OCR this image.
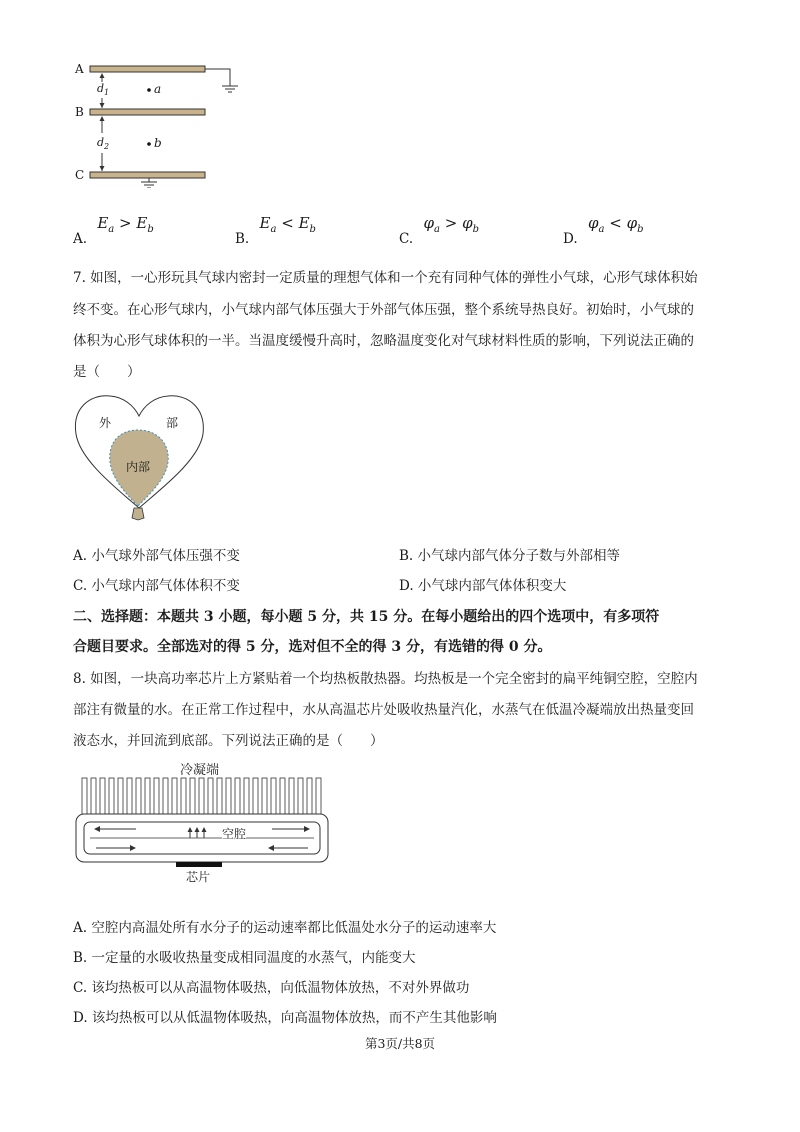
A
B
C
$d_1$
$d_2$
a
b
A. $E_a > E_b$
B. $E_a < E_b$
C. $\varphi_a > \varphi_b$
D. $\varphi_a < \varphi_b$
7. 如图，一心形玩具气球内密封一定质量的理想气体和一个充有同种气体的弹性小气球，心形气球体积始
终不变。在心形气球内，小气球内部气体压强大于外部气体压强，整个系统导热良好。初始时，小气球的
体积为心形气球体积的一半。当温度缓慢升高时，忽略温度变化对气球材料性质的影响，下列说法正确的
是（　　）
外	部
内部
A. 小气球外部气体压强不变	B. 小气球内部气体分子数与外部相等
C. 小气球内部气体体积不变	D. 小气球内部气体体积变大
二、选择题：本题共 3 小题，每小题 5 分，共 15 分。在每小题给出的四个选项中，有多项符
合题目要求。全部选对的得 5 分，选对但不全的得 3 分，有选错的得 0 分。
8. 如图，一块高功率芯片上方紧贴着一个均热板散热器。均热板是一个完全密封的扁平纯铜空腔，空腔内
部注有微量的水。在正常工作过程中，水从高温芯片处吸收热量汽化，水蒸气在低温冷凝端放出热量变回
液态水，并回流到底部。下列说法正确的是（　　）
冷凝端
空腔
芯片
A. 空腔内高温处所有水分子的运动速率都比低温处水分子的运动速率大
B. 一定量的水吸收热量变成相同温度的水蒸气，内能变大
C. 该均热板可以从高温物体吸热，向低温物体放热，不对外界做功
D. 该均热板可以从低温物体吸热，向高温物体放热，而不产生其他影响
第3页/共8页
